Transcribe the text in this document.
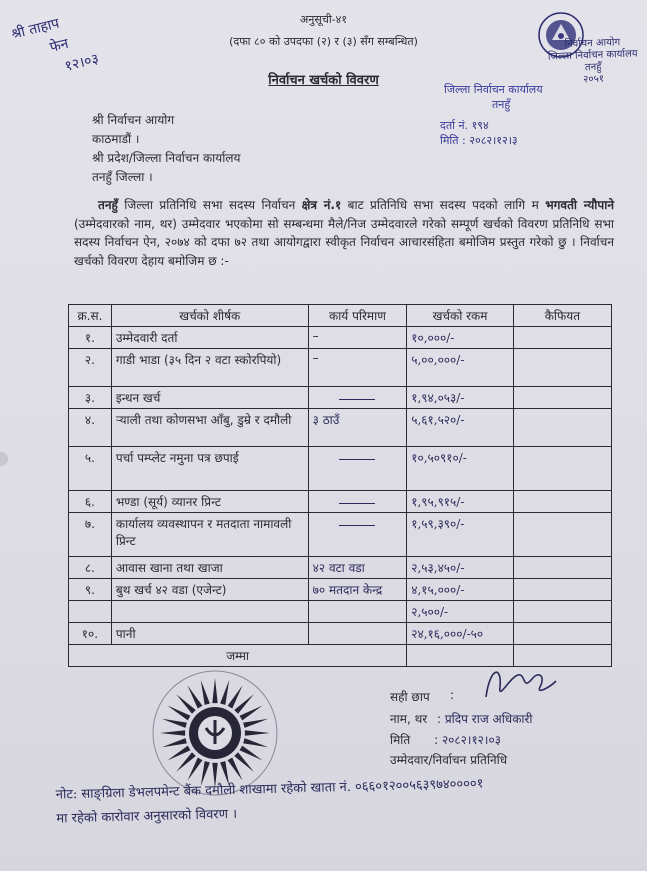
श्री ताहाप
फेन
१२।०३
अनुसूची-४१
(दफा ८० को उपदफा (२) र (३) सँग सम्बन्धित)
निर्वाचन खर्चको विवरण
निर्वाचन आयोग
जिल्ला निर्वाचन कार्यालय
तनहुँ
२०५१
जिल्ला निर्वाचन कार्यालय
तनहुँ
दर्ता नं. १९४
मिति : २०८२।१२।३
श्री निर्वाचन आयोग
काठमाडौं ।
श्री प्रदेश/जिल्ला निर्वाचन कार्यालय
तनहुँ जिल्ला ।
तनहुँ जिल्ला प्रतिनिधि सभा सदस्य निर्वाचन क्षेत्र नं.१ बाट प्रतिनिधि सभा सदस्य पदको लागि म भगवती न्यौपाने (उम्मेदवारको नाम, थर) उम्मेदवार भएकोमा सो सम्बन्धमा मैले/निज उम्मेदवारले गरेको सम्पूर्ण खर्चको विवरण प्रतिनिधि सभा सदस्य निर्वाचन ऐन, २०७४ को दफा ७२ तथा आयोगद्वारा स्वीकृत निर्वाचन आचारसंहिता बमोजिम प्रस्तुत गरेको छु । निर्वाचन खर्चको विवरण देहाय बमोजिम छ :-
क्र.स.	खर्चको शीर्षक	कार्य परिमाण	खर्चको रकम	कैफियत
१.	उम्मेदवारी दर्ता	–	१०,०००/-	
२.	गाडी भाडा (३५ दिन २ वटा स्कोरपियो)	–	५,००,०००/-	
३.	इन्धन खर्च		१,९४,०५३/-	
४.	र्‍याली तथा कोणसभा आँबु, डुम्रे र दमौली	३ ठाउँ	५,६१,५२०/-	
५.	पर्चा पम्प्लेट नमुना पत्र छपाई		१०,५०९१०/-	
६.	भण्डा (सूर्य) व्यानर प्रिन्ट		१,९५,९१५/-	
७.	कार्यालय व्यवस्थापन र मतदाता नामावली प्रिन्ट		१,५९,३९०/-	
८.	आवास खाना तथा खाजा	४२ वटा वडा	२,५३,४५०/-	
९.	बुथ खर्च ४२ वडा (एजेन्ट)	७० मतदान केन्द्र	४,१५,०००/-	
			२,५००/-	
१०.	पानी		२४,१६,०००/-५०	
जम्मा				
सही छाप :
नाम, थर : प्रदिप राज अधिकारी
मिति : २०८२।१२।०३
उम्मेदवार/निर्वाचन प्रतिनिधि
नोट: साङ्ग्रिला डेभलपमेन्ट बैंक दमौली शाखामा रहेको खाता नं. ०६६०१२००५६३९७४००००१
मा रहेको कारोवार अनुसारको विवरण ।
